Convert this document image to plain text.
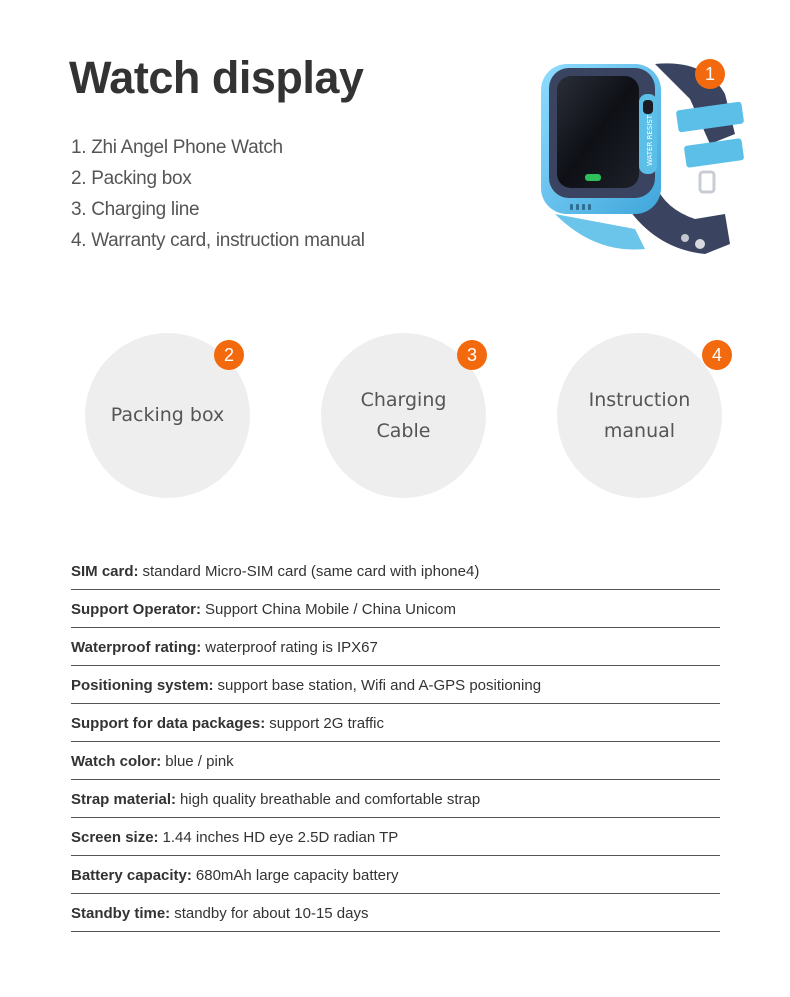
Watch display
1. Zhi Angel Phone Watch
2. Packing box
3. Charging line
4. Warranty card, instruction manual
WATER RESIST
1
Packing box
2
Charging
Cable
3
Instruction
manual
4
SIM card: standard Micro-SIM card (same card with iphone4)
Support Operator: Support China Mobile / China Unicom
Waterproof rating: waterproof rating is IPX67
Positioning system: support base station, Wifi and A-GPS positioning
Support for data packages: support 2G traffic
Watch color: blue / pink
Strap material: high quality breathable and comfortable strap
Screen size: 1.44 inches HD eye 2.5D radian TP
Battery capacity: 680mAh large capacity battery
Standby time: standby for about 10-15 days
